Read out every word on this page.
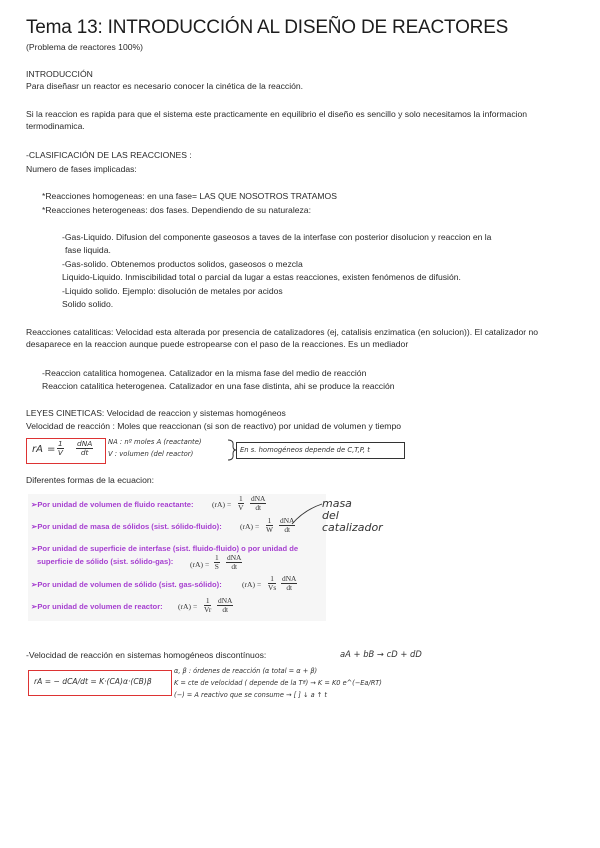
Tema 13: INTRODUCCIÓN AL DISEÑO DE REACTORES
(Problema de reactores 100%)
INTRODUCCIÓN
Para diseñasr un reactor es necesario conocer la cinética de la reacción.
Si la reaccion es rapida para que el sistema este practicamente en equilibrio el diseño es sencillo y solo necesitamos la informacion termodinamica.
-CLASIFICACIÓN DE LAS REACCIONES :
Numero de fases implicadas:
*Reacciones homogeneas: en una fase= LAS QUE NOSOTROS TRATAMOS
*Reacciones heterogeneas: dos fases. Dependiendo de su naturaleza:
-Gas-Liquido. Difusion del componente gaseosos a taves de la interfase con posterior disolucion y reaccion en la
fase liquida.
-Gas-solido. Obtenemos productos solidos, gaseosos o mezcla
Liquido-Liquido. Inmiscibilidad total o parcial da lugar a estas reacciones, existen fenómenos de difusión.
-Liquido solido. Ejemplo: disolución de metales por acidos
Solido solido.
Reacciones cataliticas: Velocidad esta alterada por presencia de catalizadores (ej, catalisis enzimatica (en solucion)). El catalizador no desaparece en la reaccion aunque puede estropearse con el paso de la reacciones. Es un mediador
-Reaccion catalitica homogenea. Catalizador en la misma fase del medio de reacción
Reaccion catalitica heterogenea. Catalizador en una fase distinta, ahi se produce la reacción
LEYES CINETICAS: Velocidad de reaccion y sistemas homogéneos
Velocidad de reacción : Moles que reaccionan (si son de reactivo) por unidad de volumen y tiempo
rA = $\frac{1}{V}$ dNA
dt
NA : nº moles A (reactante)
V : volumen (del reactor)	En s. homogéneos depende de C,T,P, t
Diferentes formas de la ecuacion:
➢Por unidad de volumen de fluido reactante: $(rA) = \frac{1}{V}$ dNA
dt
➢Por unidad de masa de sólidos (sist. sólido-fluido): $(rA) = \frac{1}{W}$ dNA
dt
➢Por unidad de superficie de interfase (sist. fluido-fluido) o por unidad de
superficie de sólido (sist. sólido-gas): $(rA) = \frac{1}{S}$ dNA
dt
➢Por unidad de volumen de sólido (sist. gas-sólido):	$(rA) = \frac{1}{Vs}$ dNA
dt
➢Por unidad de volumen de reactor: $(rA) = \frac{1}{Vr}$ dNA
dt
masa
del
catalizador
-Velocidad de reacción en sistemas homogéneos discontínuos:	aA + bB → cD + dD
rA = − dCA/dt = K·(CA)α·(CB)β
α, β : órdenes de reacción (α total = α + β)
K = cte de velocidad ( depende de la Tª) → K = K0 e^(−Ea/RT)
(−) = A reactivo que se consume → [ ] ↓ a ↑ t
